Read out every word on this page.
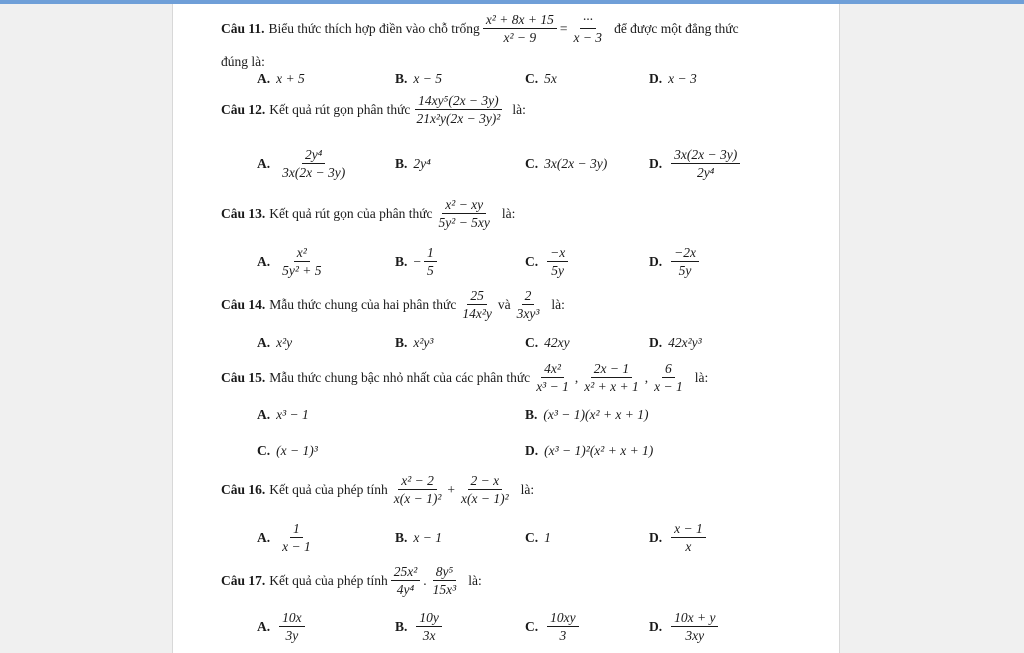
Câu 11. Biểu thức thích hợp điền vào chỗ trống $\frac{\text{x² + 8x + 15}}{\text{x² − 9}} = \frac{\cdot\cdot\cdot}{x - 3}$ để được một đẳng thức
đúng là:
A. x + 5	B. x − 5	C. 5x	D. x − 3
Câu 12. Kết quả rút gọn phân thức $\frac{\text{14xy⁵(2x − 3y)}}{\text{21x²y(2x − 3y)²}}$ là:
A. $\frac{\text{2y⁴}}{3x(2x - 3y)}$	B. 2y⁴	C. 3x(2x − 3y)	D. $\frac{3x(2x - 3y)}{\text{2y⁴}}$
Câu 13. Kết quả rút gọn của phân thức $\frac{\text{x² − xy}}{\text{5y² − 5xy}}$ là:
A. $\frac{\text{x²}}{\text{5y² + 5}}$	B. − $\frac{1}{5}$	C. $\frac{-x}{5y}$	D. $\frac{-2x}{5y}$
Câu 14. Mẫu thức chung của hai phân thức $\frac{25}{\text{14x²y}}$ và $\frac{2}{\text{3xy³}}$ là:
A. x²y	B. x²y³	C. 42xy	D. 42x²y³
Câu 15. Mẫu thức chung bậc nhỏ nhất của các phân thức $\frac{\text{4x²}}{\text{x³ − 1}}$ , $\frac{2x - 1}{\text{x² + x + 1}}$ , $\frac{6}{x - 1}$ là:
A. x³ − 1	B. (x³ − 1)(x² + x + 1)
C. (x − 1)³	D. (x³ − 1)²(x² + x + 1)
Câu 16. Kết quả của phép tính $\frac{\text{x² − 2}}{\text{x(x − 1)²}} + \frac{2 - x}{\text{x(x − 1)²}}$ là:
A. $\frac{1}{x - 1}$	B. x − 1	C. 1	D. $\frac{x - 1}{x}$
Câu 17. Kết quả của phép tính $\frac{\text{25x²}}{\text{4y⁴}}$ . $\frac{\text{8y⁵}}{\text{15x³}}$ là:
A. $\frac{10x}{3y}$	B. $\frac{10y}{3x}$	C. $\frac{10xy}{3}$	D. $\frac{10x + y}{3xy}$
